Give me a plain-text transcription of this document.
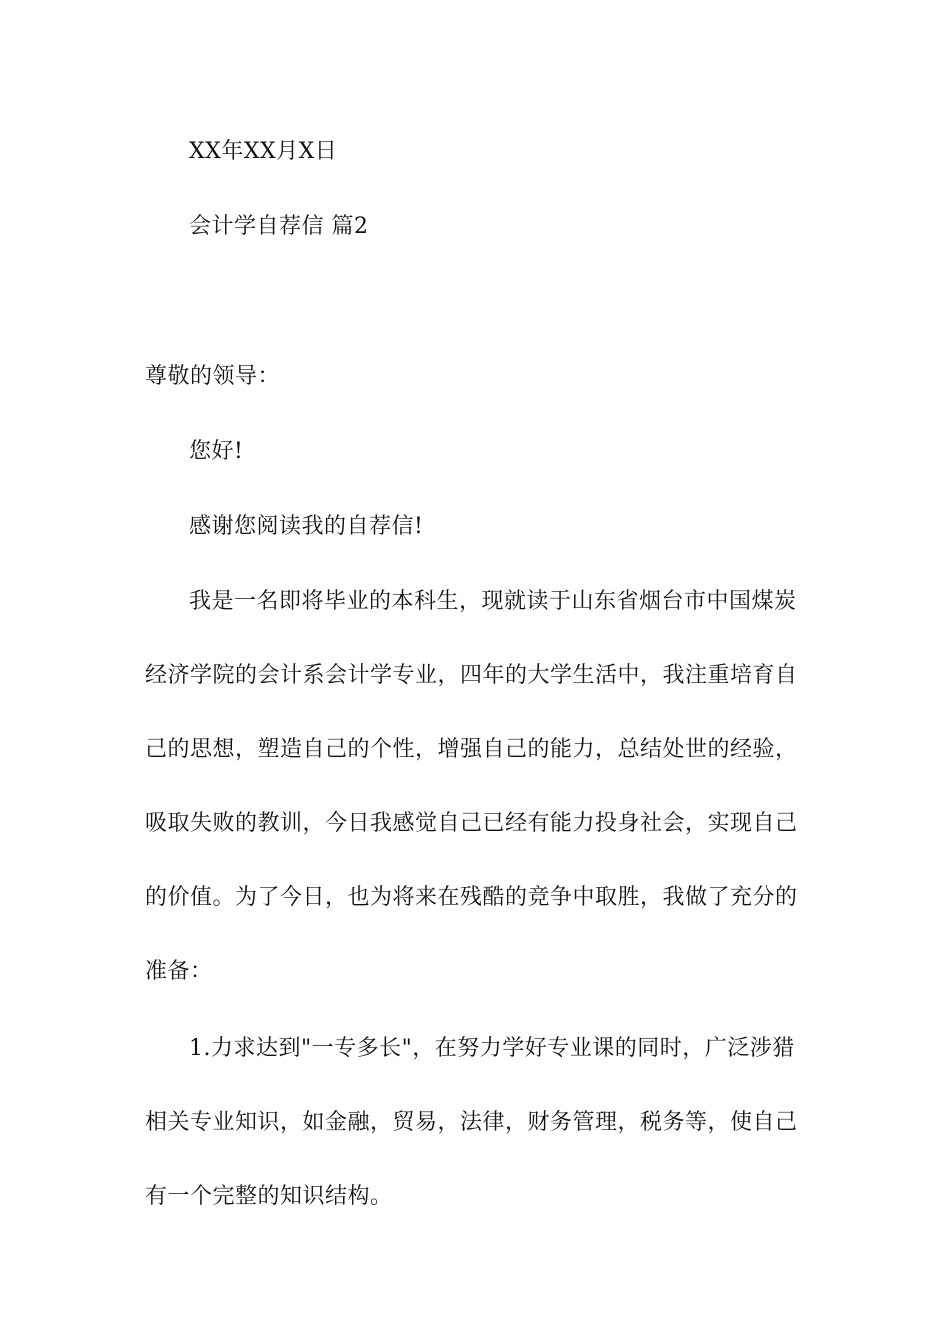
XX年XX月X日
会计学自荐信 篇2
尊敬的领导：
您好!
感谢您阅读我的自荐信!
我是一名即将毕业的本科生，现就读于山东省烟台市中国煤炭
经济学院的会计系会计学专业，四年的大学生活中，我注重培育自
己的思想，塑造自己的个性，增强自己的能力，总结处世的经验，
吸取失败的教训，今日我感觉自己已经有能力投身社会，实现自己
的价值。为了今日，也为将来在残酷的竞争中取胜，我做了充分的
准备：
1.力求达到"一专多长"，在努力学好专业课的同时，广泛涉猎
相关专业知识，如金融，贸易，法律，财务管理，税务等，使自己
有一个完整的知识结构。
